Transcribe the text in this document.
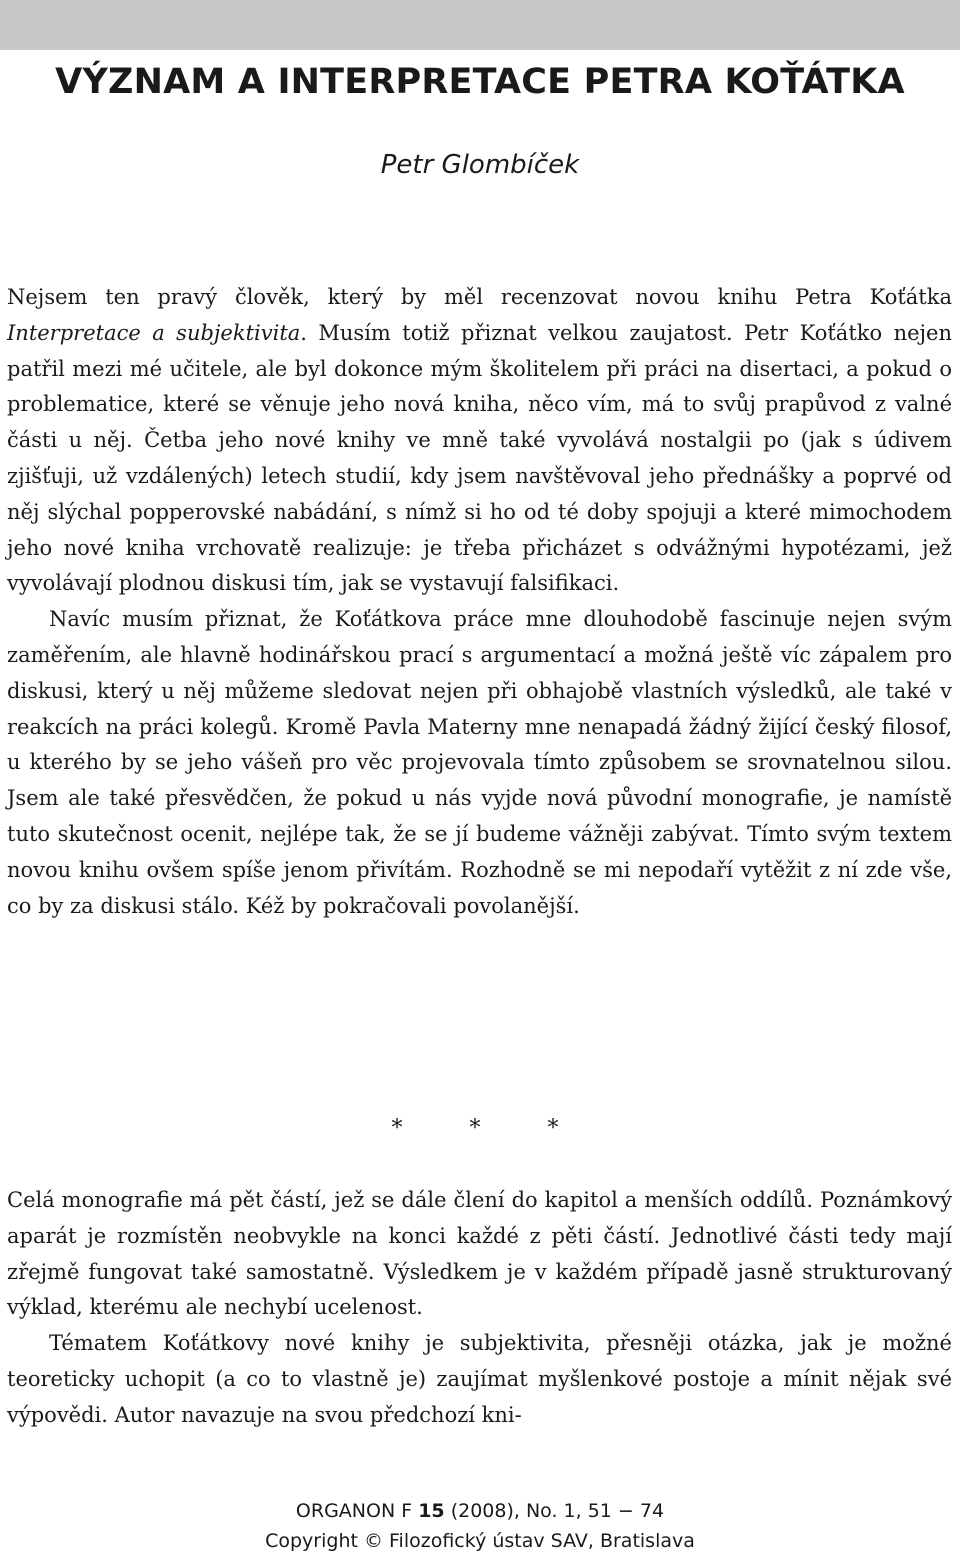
VÝZNAM A INTERPRETACE PETRA KOŤÁTKA
Petr Glombíček

Nejsem ten pravý člověk, který by měl recenzovat novou knihu Petra Koťátka Interpretace a subjektivita. Musím totiž přiznat velkou zaujatost. Petr Koťátko nejen patřil mezi mé učitele, ale byl dokonce mým školitelem při práci na disertaci, a pokud o problematice, které se věnuje jeho nová kniha, něco vím, má to svůj prapůvod z valné části u něj. Četba jeho nové knihy ve mně také vyvolává nostalgii po (jak s údivem zjišťuji, už vzdálených) letech studií, kdy jsem navštěvoval jeho přednášky a poprvé od něj slýchal popperovské nabádání, s nímž si ho od té doby spojuji a které mimochodem jeho nové kniha vrchovatě realizuje: je třeba přicházet s odvážnými hypotézami, jež vyvolávají plodnou diskusi tím, jak se vystavují falsifikaci.

Navíc musím přiznat, že Koťátkova práce mne dlouhodobě fascinuje nejen svým zaměřením, ale hlavně hodinářskou prací s argumentací a možná ještě víc zápalem pro diskusi, který u něj můžeme sledovat nejen při obhajobě vlastních výsledků, ale také v reakcích na práci kolegů. Kromě Pavla Materny mne nenapadá žádný žijící český filosof, u kterého by se jeho vášeň pro věc projevovala tímto způsobem se srovnatelnou silou. Jsem ale také přesvědčen, že pokud u nás vyjde nová původní monografie, je namístě tuto skutečnost ocenit, nejlépe tak, že se jí budeme vážněji zabývat. Tímto svým textem novou knihu ovšem spíše jenom přivítám. Rozhodně se mi nepodaří vytěžit z ní zde vše, co by za diskusi stálo. Kéž by pokračovali povolanější.

* * *

Celá monografie má pět částí, jež se dále člení do kapitol a menších oddílů. Poznámkový aparát je rozmístěn neobvykle na konci každé z pěti částí. Jednotlivé části tedy mají zřejmě fungovat také samostatně. Výsledkem je v každém případě jasně strukturovaný výklad, kterému ale nechybí ucelenost.

Tématem Koťátkovy nové knihy je subjektivita, přesněji otázka, jak je možné teoreticky uchopit (a co to vlastně je) zaujímat myšlenkové postoje a mínit nějak své výpovědi. Autor navazuje na svou předchozí kni-

ORGANON F 15 (2008), No. 1, 51 − 74
Copyright © Filozofický ústav SAV, Bratislava
